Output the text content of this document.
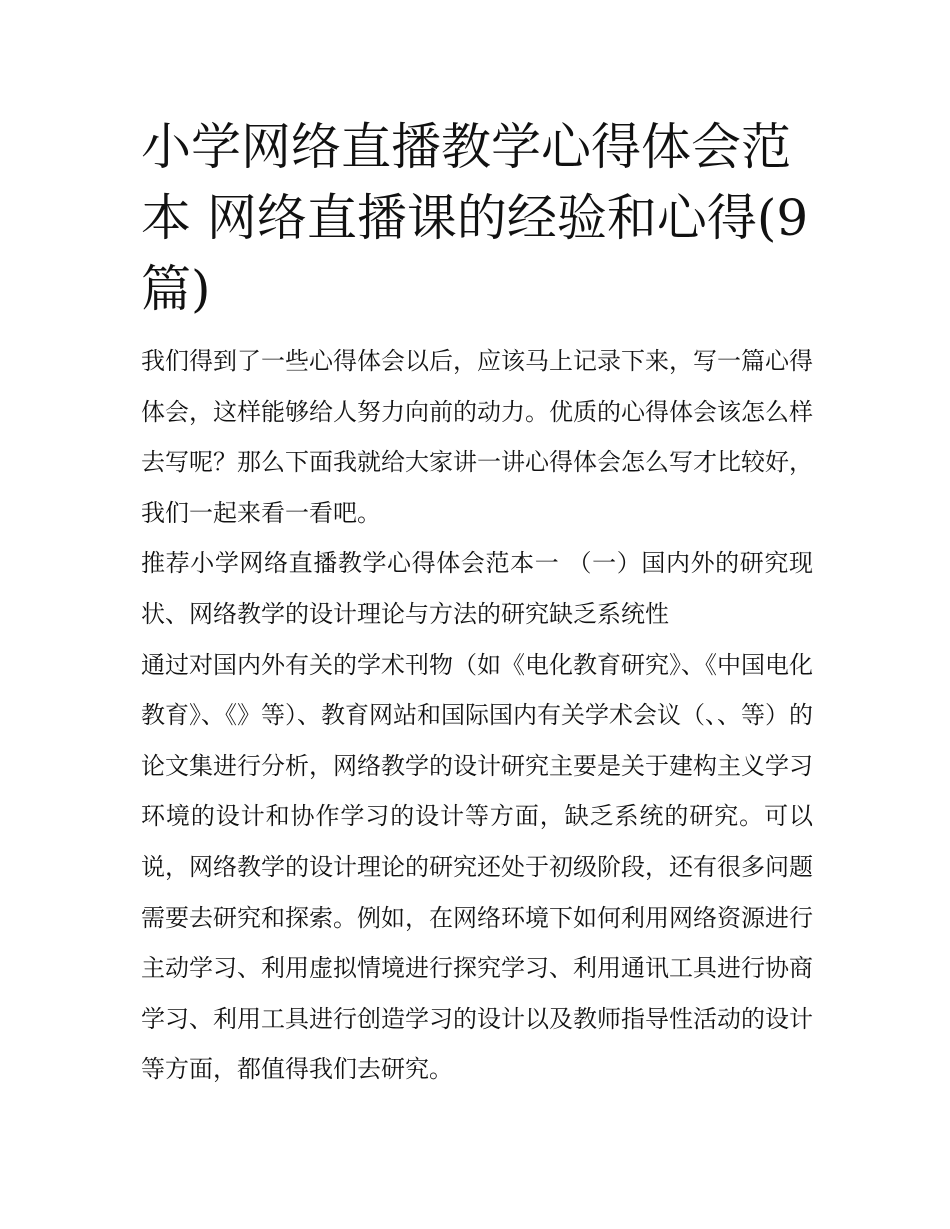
小学网络直播教学心得体会范本 网络直播课的经验和心得(9篇)

我们得到了一些心得体会以后，应该马上记录下来，写一篇心得体会，这样能够给人努力向前的动力。优质的心得体会该怎么样去写呢？那么下面我就给大家讲一讲心得体会怎么写才比较好，我们一起来看一看吧。

推荐小学网络直播教学心得体会范本一 （一）国内外的研究现状、网络教学的设计理论与方法的研究缺乏系统性

通过对国内外有关的学术刊物（如《电化教育研究》、《中国电化教育》、《》等）、教育网站和国际国内有关学术会议（、、等）的论文集进行分析，网络教学的设计研究主要是关于建构主义学习环境的设计和协作学习的设计等方面，缺乏系统的研究。可以说，网络教学的设计理论的研究还处于初级阶段，还有很多问题需要去研究和探索。例如，在网络环境下如何利用网络资源进行主动学习、利用虚拟情境进行探究学习、利用通讯工具进行协商学习、利用工具进行创造学习的设计以及教师指导性活动的设计等方面，都值得我们去研究。
